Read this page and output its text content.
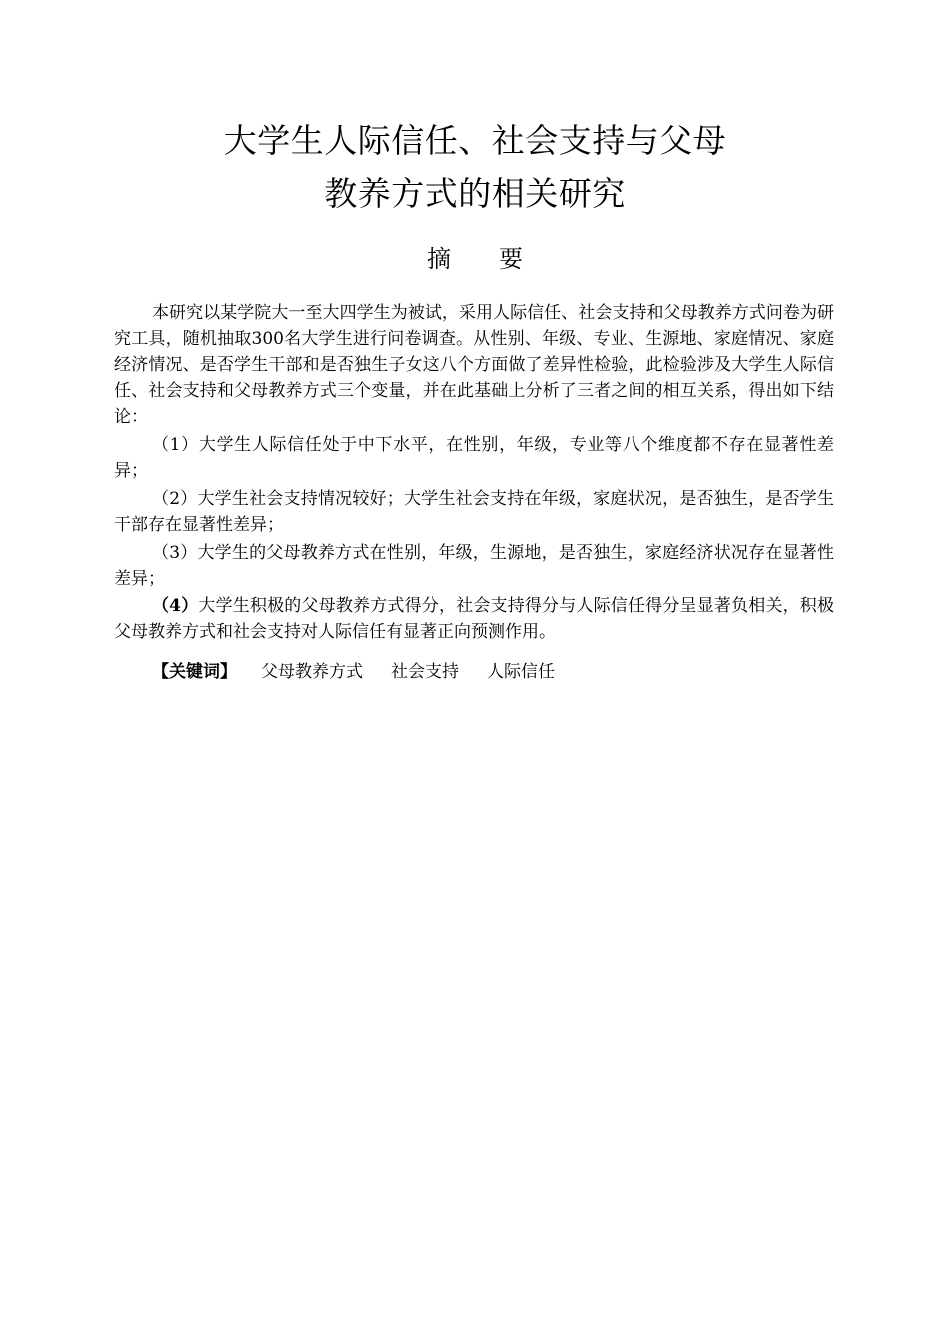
大学生人际信任、社会支持与父母
教养方式的相关研究
摘要

本研究以某学院大一至大四学生为被试，采用人际信任、社会支持和父母教养方式问卷为研究工具，随机抽取300名大学生进行问卷调查。从性别、年级、专业、生源地、家庭情况、家庭经济情况、是否学生干部和是否独生子女这八个方面做了差异性检验，此检验涉及大学生人际信任、社会支持和父母教养方式三个变量，并在此基础上分析了三者之间的相互关系，得出如下结论：

（1）大学生人际信任处于中下水平，在性别，年级，专业等八个维度都不存在显著性差异；

（2）大学生社会支持情况较好；大学生社会支持在年级，家庭状况，是否独生，是否学生干部存在显著性差异；

（3）大学生的父母教养方式在性别，年级，生源地，是否独生，家庭经济状况存在显著性差异；

（4）大学生积极的父母教养方式得分，社会支持得分与人际信任得分呈显著负相关，积极父母教养方式和社会支持对人际信任有显著正向预测作用。

【关键词】 父母教养方式 社会支持 人际信任
